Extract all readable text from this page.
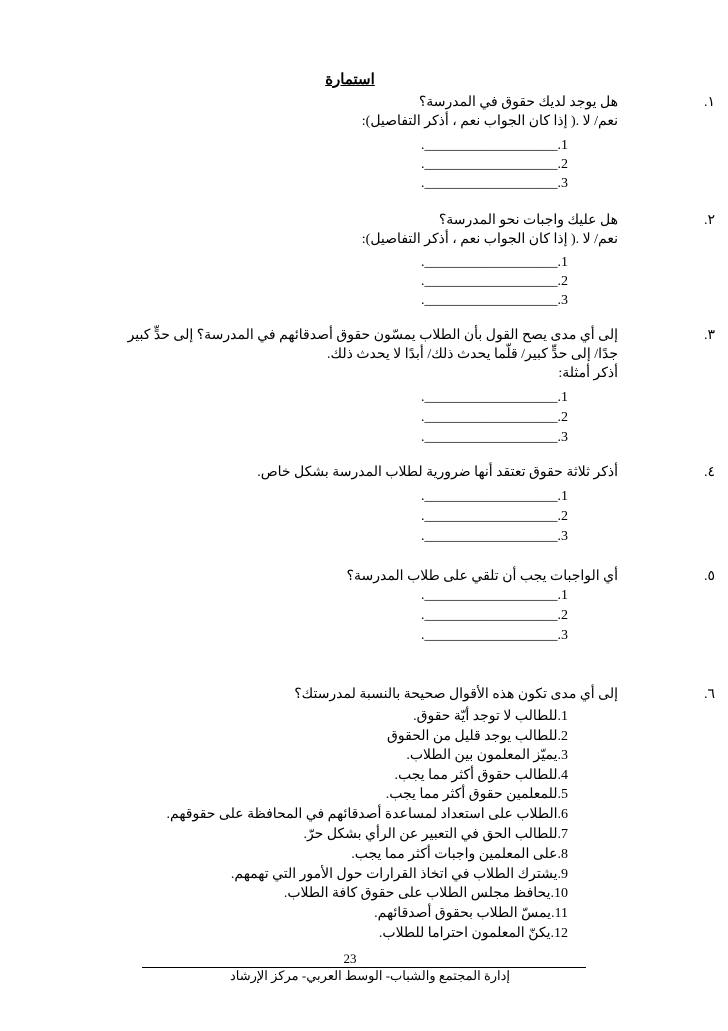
استمارة
١.
هل يوجد لديك حقوق في المدرسة؟
نعم/ لا .( إذا كان الجواب نعم ، أذكر التفاصيل):
1.___________________.
2.___________________.
3.___________________.
٢.
هل عليك واجبات نحو المدرسة؟
نعم/ لا .( إذا كان الجواب نعم ، أذكر التفاصيل):
1.___________________.
2.___________________.
3.___________________.
٣.
إلى أي مدى يصح القول بأن الطلاب يمسّون حقوق أصدقائهم في المدرسة؟ إلى حدٍّ كبير
جدًا/ إلى حدٍّ كبير/ قلّما يحدث ذلك/ أبدًا لا يحدث ذلك.
أذكر أمثلة:
1.___________________.
2.___________________.
3.___________________.
٤.
أذكر ثلاثة حقوق تعتقد أنها ضرورية لطلاب المدرسة بشكل خاص.
1.___________________.
2.___________________.
3.___________________.
٥.
أي الواجبات يجب أن تلقي على طلاب المدرسة؟
1.___________________.
2.___________________.
3.___________________.
٦.
إلى أي مدى تكون هذه الأقوال صحيحة بالنسبة لمدرستك؟
1.للطالب لا توجد أيّة حقوق.
2.للطالب يوجد قليل من الحقوق
3.يميّز المعلمون بين الطلاب.
4.للطالب حقوق أكثر مما يجب.
5.للمعلمين حقوق أكثر مما يجب.
6.الطلاب على استعداد لمساعدة أصدقائهم في المحافظة على حقوقهم.
7.للطالب الحق في التعبير عن الرأي بشكل حرّ.
8.على المعلمين واجبات أكثر مما يجب.
9.يشترك الطلاب في اتخاذ القرارات حول الأمور التي تهمهم.
10.يحافظ مجلس الطلاب على حقوق كافة الطلاب.
11.يمسّ الطلاب بحقوق أصدقائهم.
12.يكنّ المعلمون احتراما للطلاب.
23
إدارة المجتمع والشباب- الوسط العربي- مركز الإرشاد
